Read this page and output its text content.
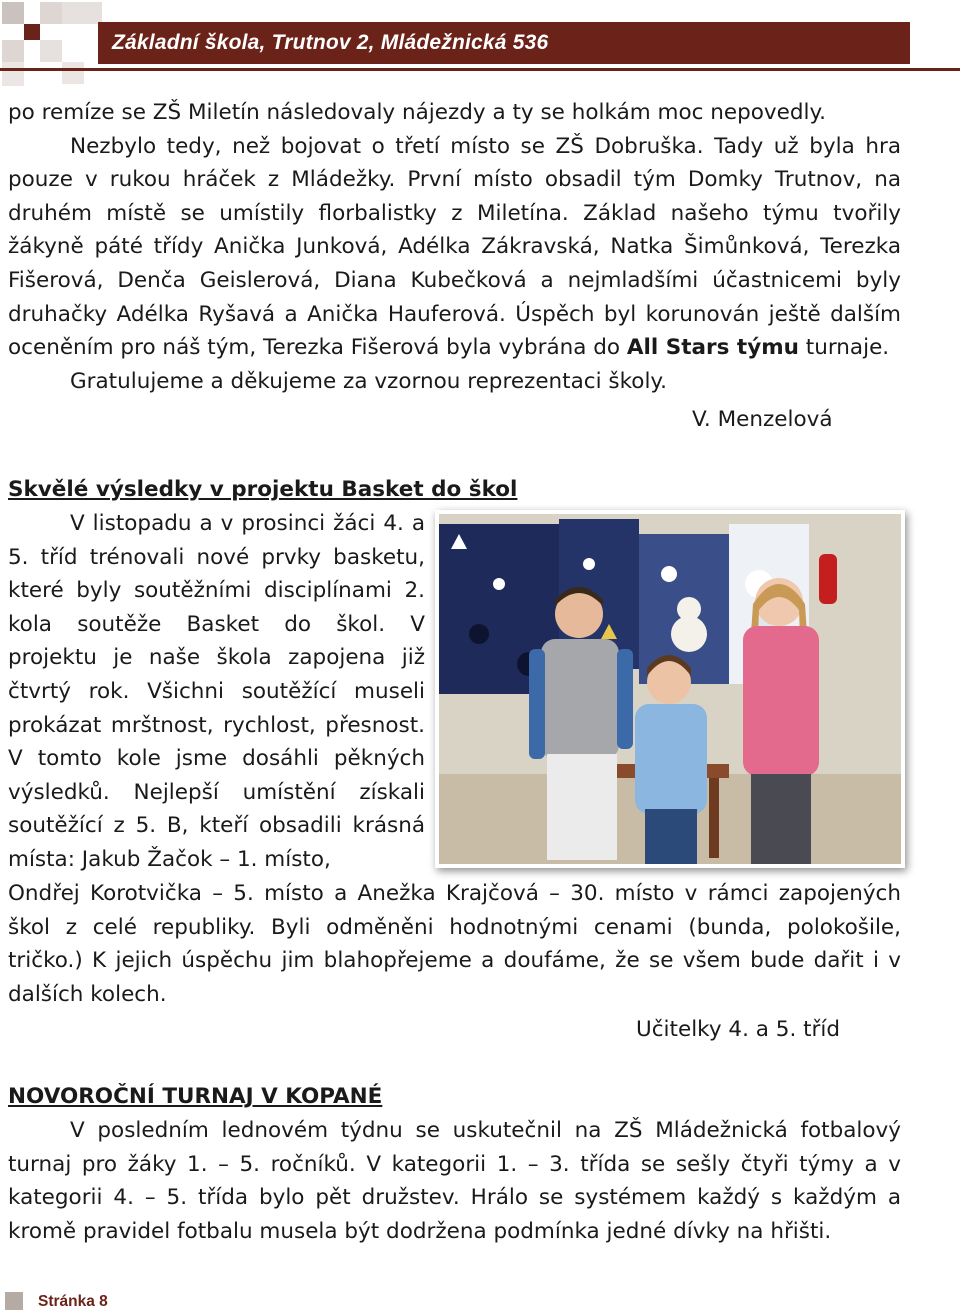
Základní škola, Trutnov 2, Mládežnická 536

po remíze se ZŠ Miletín následovaly nájezdy a ty se holkám moc nepovedly.

Nezbylo tedy, než bojovat o třetí místo se ZŠ Dobruška. Tady už byla hra pouze v rukou hráček z Mládežky. První místo obsadil tým Domky Trutnov, na druhém místě se umístily florbalistky z Miletína. Základ našeho týmu tvořily žákyně páté třídy Anička Junková, Adélka Zákravská, Natka Šimůnková, Terezka Fišerová, Denča Geislerová, Diana Kubečková a nejmladšími účastnicemi byly druhačky Adélka Ryšavá a Anička Hauferová. Úspěch byl korunován ještě dalším oceněním pro náš tým, Terezka Fišerová byla vybrána do All Stars týmu turnaje.

Gratulujeme a děkujeme za vzornou reprezentaci školy.

V. Menzelová
Skvělé výsledky v projektu Basket do škol

V listopadu a v prosinci žáci 4. a 5. tříd trénovali nové prvky basketu, které byly soutěžními disciplínami 2. kola soutěže Basket do škol. V projektu je naše škola zapojena již čtvrtý rok. Všichni soutěžící museli prokázat mrštnost, rychlost, přesnost. V tomto kole jsme dosáhli pěkných výsledků. Nejlepší umístění získali soutěžící z 5. B, kteří obsadili krásná místa: Jakub Žačok – 1. místo,

Ondřej Korotvička – 5. místo a Anežka Krajčová – 30. místo v rámci zapojených škol z celé republiky. Byli odměněni hodnotnými cenami (bunda, polokošile, tričko.) K jejich úspěchu jim blahopřejeme a doufáme, že se všem bude dařit i v dalších kolech.

Učitelky 4. a 5. tříd
NOVOROČNÍ TURNAJ V KOPANÉ

V posledním lednovém týdnu se uskutečnil na ZŠ Mládežnická fotbalový turnaj pro žáky 1. – 5. ročníků. V kategorii 1. – 3. třída se sešly čtyři týmy a v kategorii 4. – 5. třída bylo pět družstev. Hrálo se systémem každý s každým a kromě pravidel fotbalu musela být dodržena podmínka jedné dívky na hřišti.

Stránka 8
